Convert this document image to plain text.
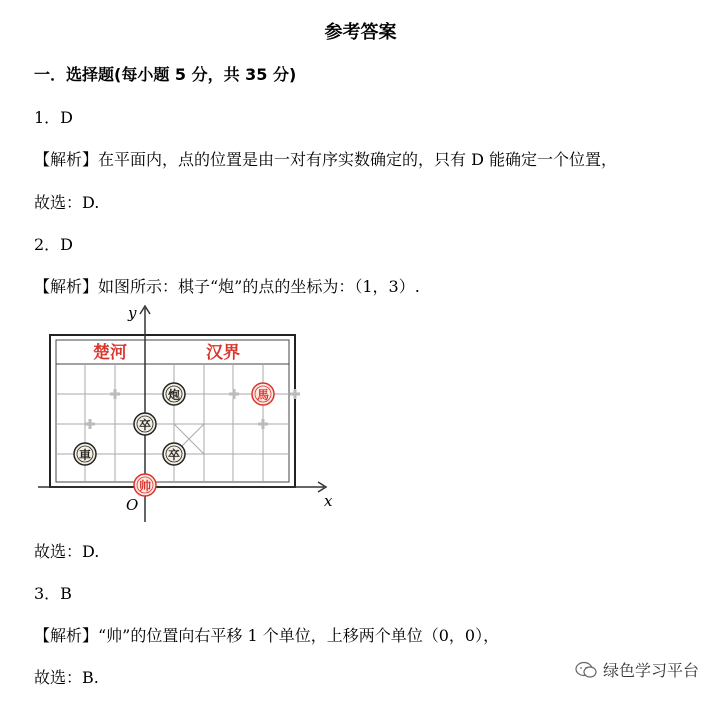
参考答案
一．选择题(每小题 5 分，共 35 分)
1．D
【解析】在平面内，点的位置是由一对有序实数确定的，只有 D 能确定一个位置，
故选：D.
2．D
【解析】如图所示：棋子“炮”的点的坐标为：（1，3）.
楚河	汉界
x
y
O
炮	馬
卒
卒
車
帅
故选：D.
3．B
【解析】“帅”的位置向右平移 1 个单位，上移两个单位（0，0），
故选：B.	绿色学习平台
